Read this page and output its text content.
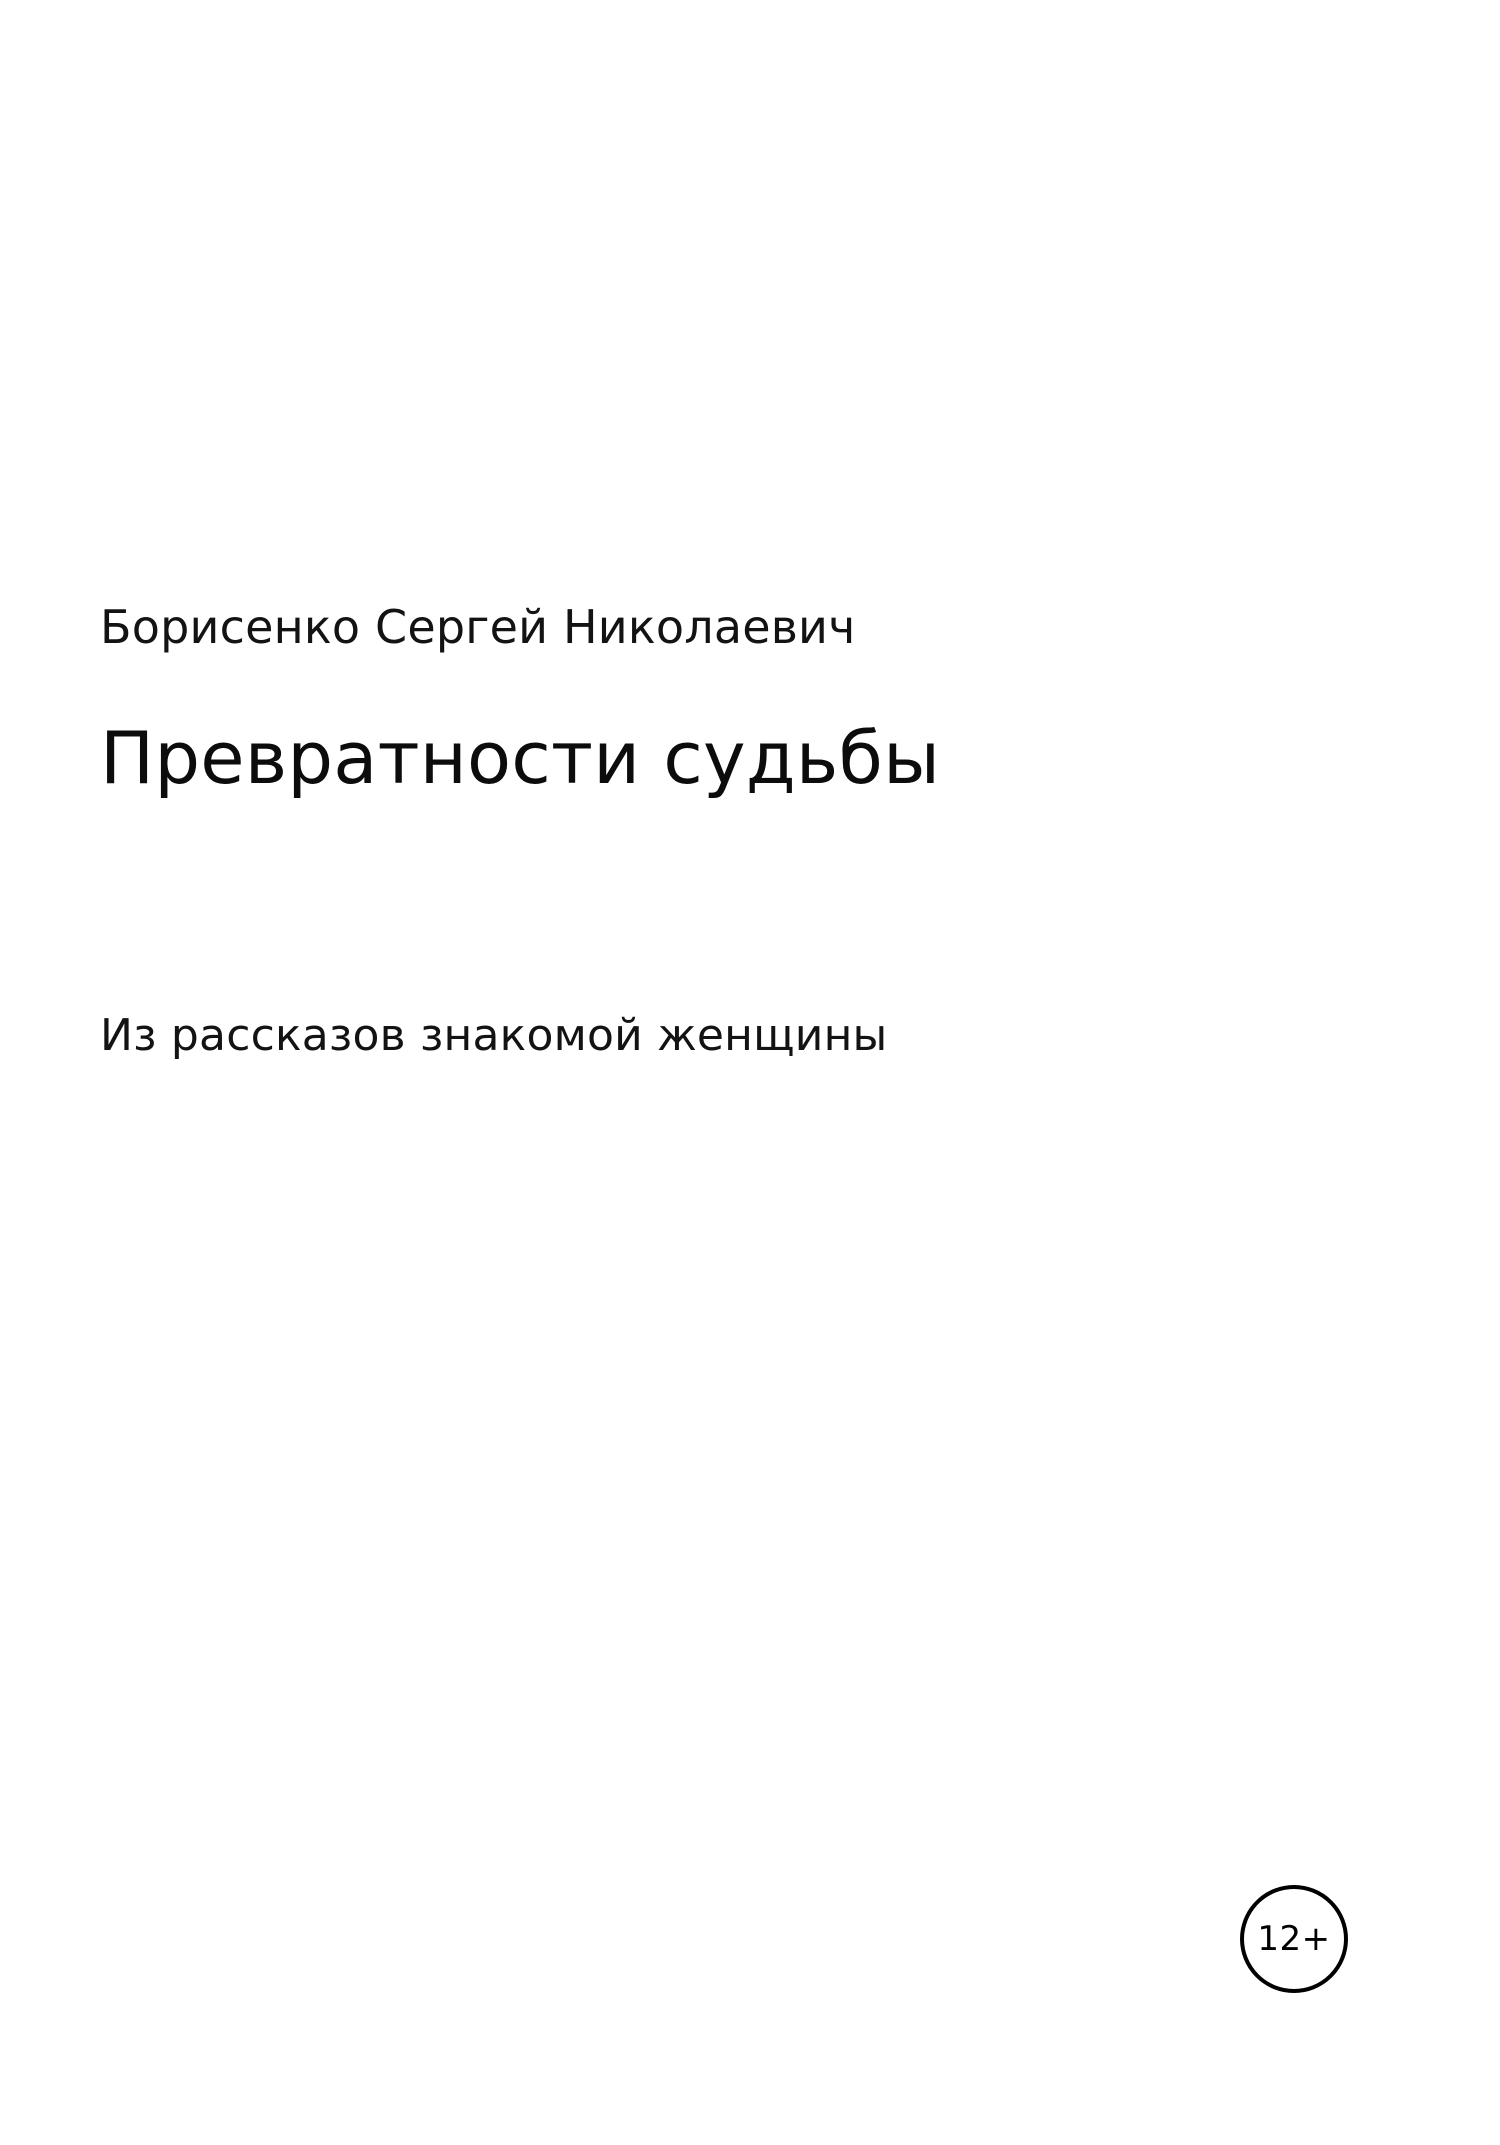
Борисенко Сергей Николаевич
Превратности судьбы
Из рассказов знакомой женщины
12+
